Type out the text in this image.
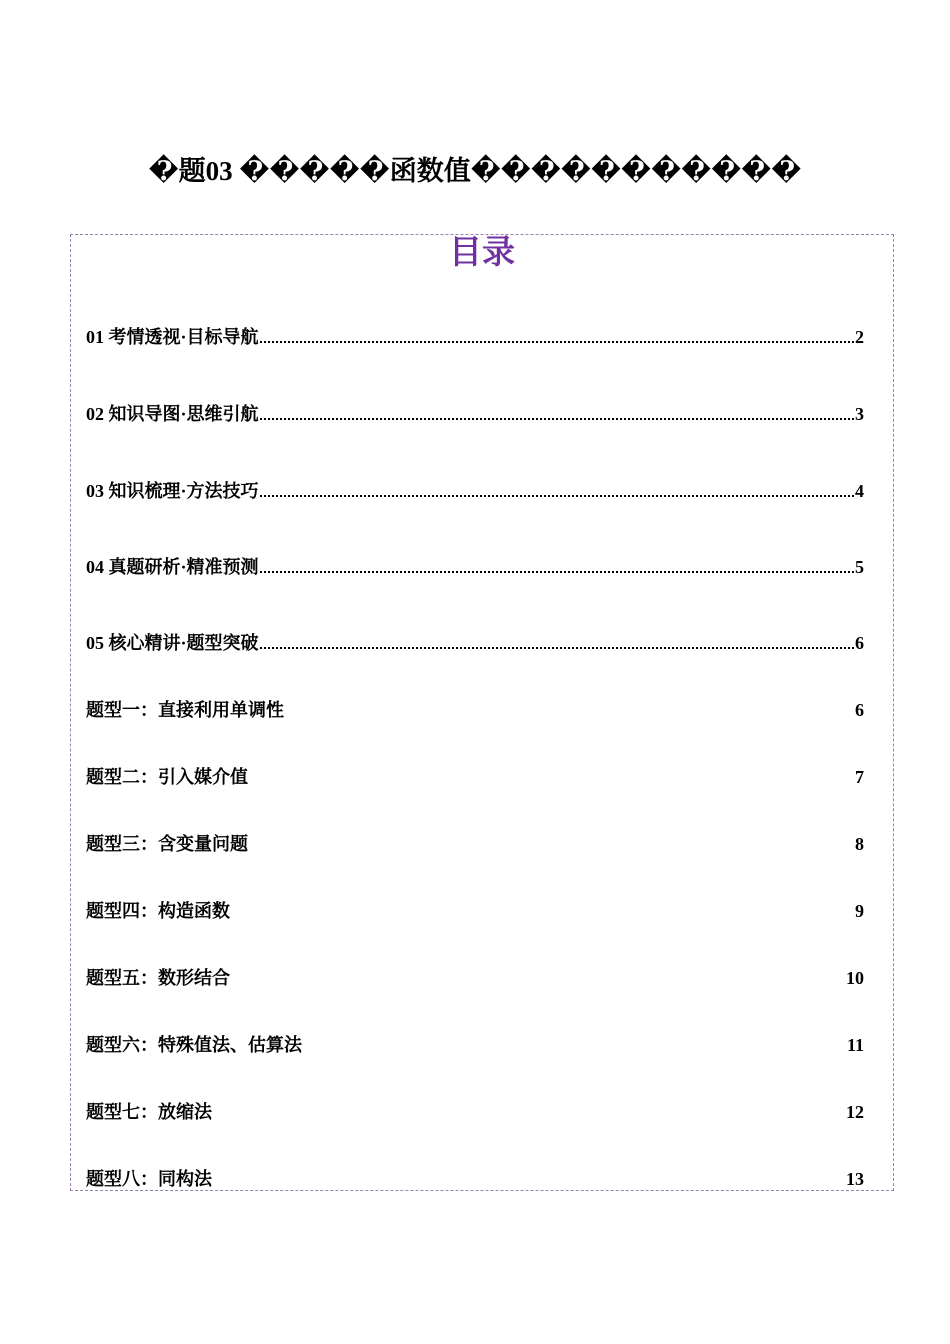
�题03 �����函数值�����������
目录
01 考情透视·目标导航	2
02 知识导图·思维引航	3
03 知识梳理·方法技巧	4
04 真题研析·精准预测	5
05 核心精讲·题型突破	6
题型一：直接利用单调性	6
题型二：引入媒介值	7
题型三：含变量问题	8
题型四：构造函数	9
题型五：数形结合	10
题型六：特殊值法、估算法	11
题型七：放缩法	12
题型八：同构法	13
